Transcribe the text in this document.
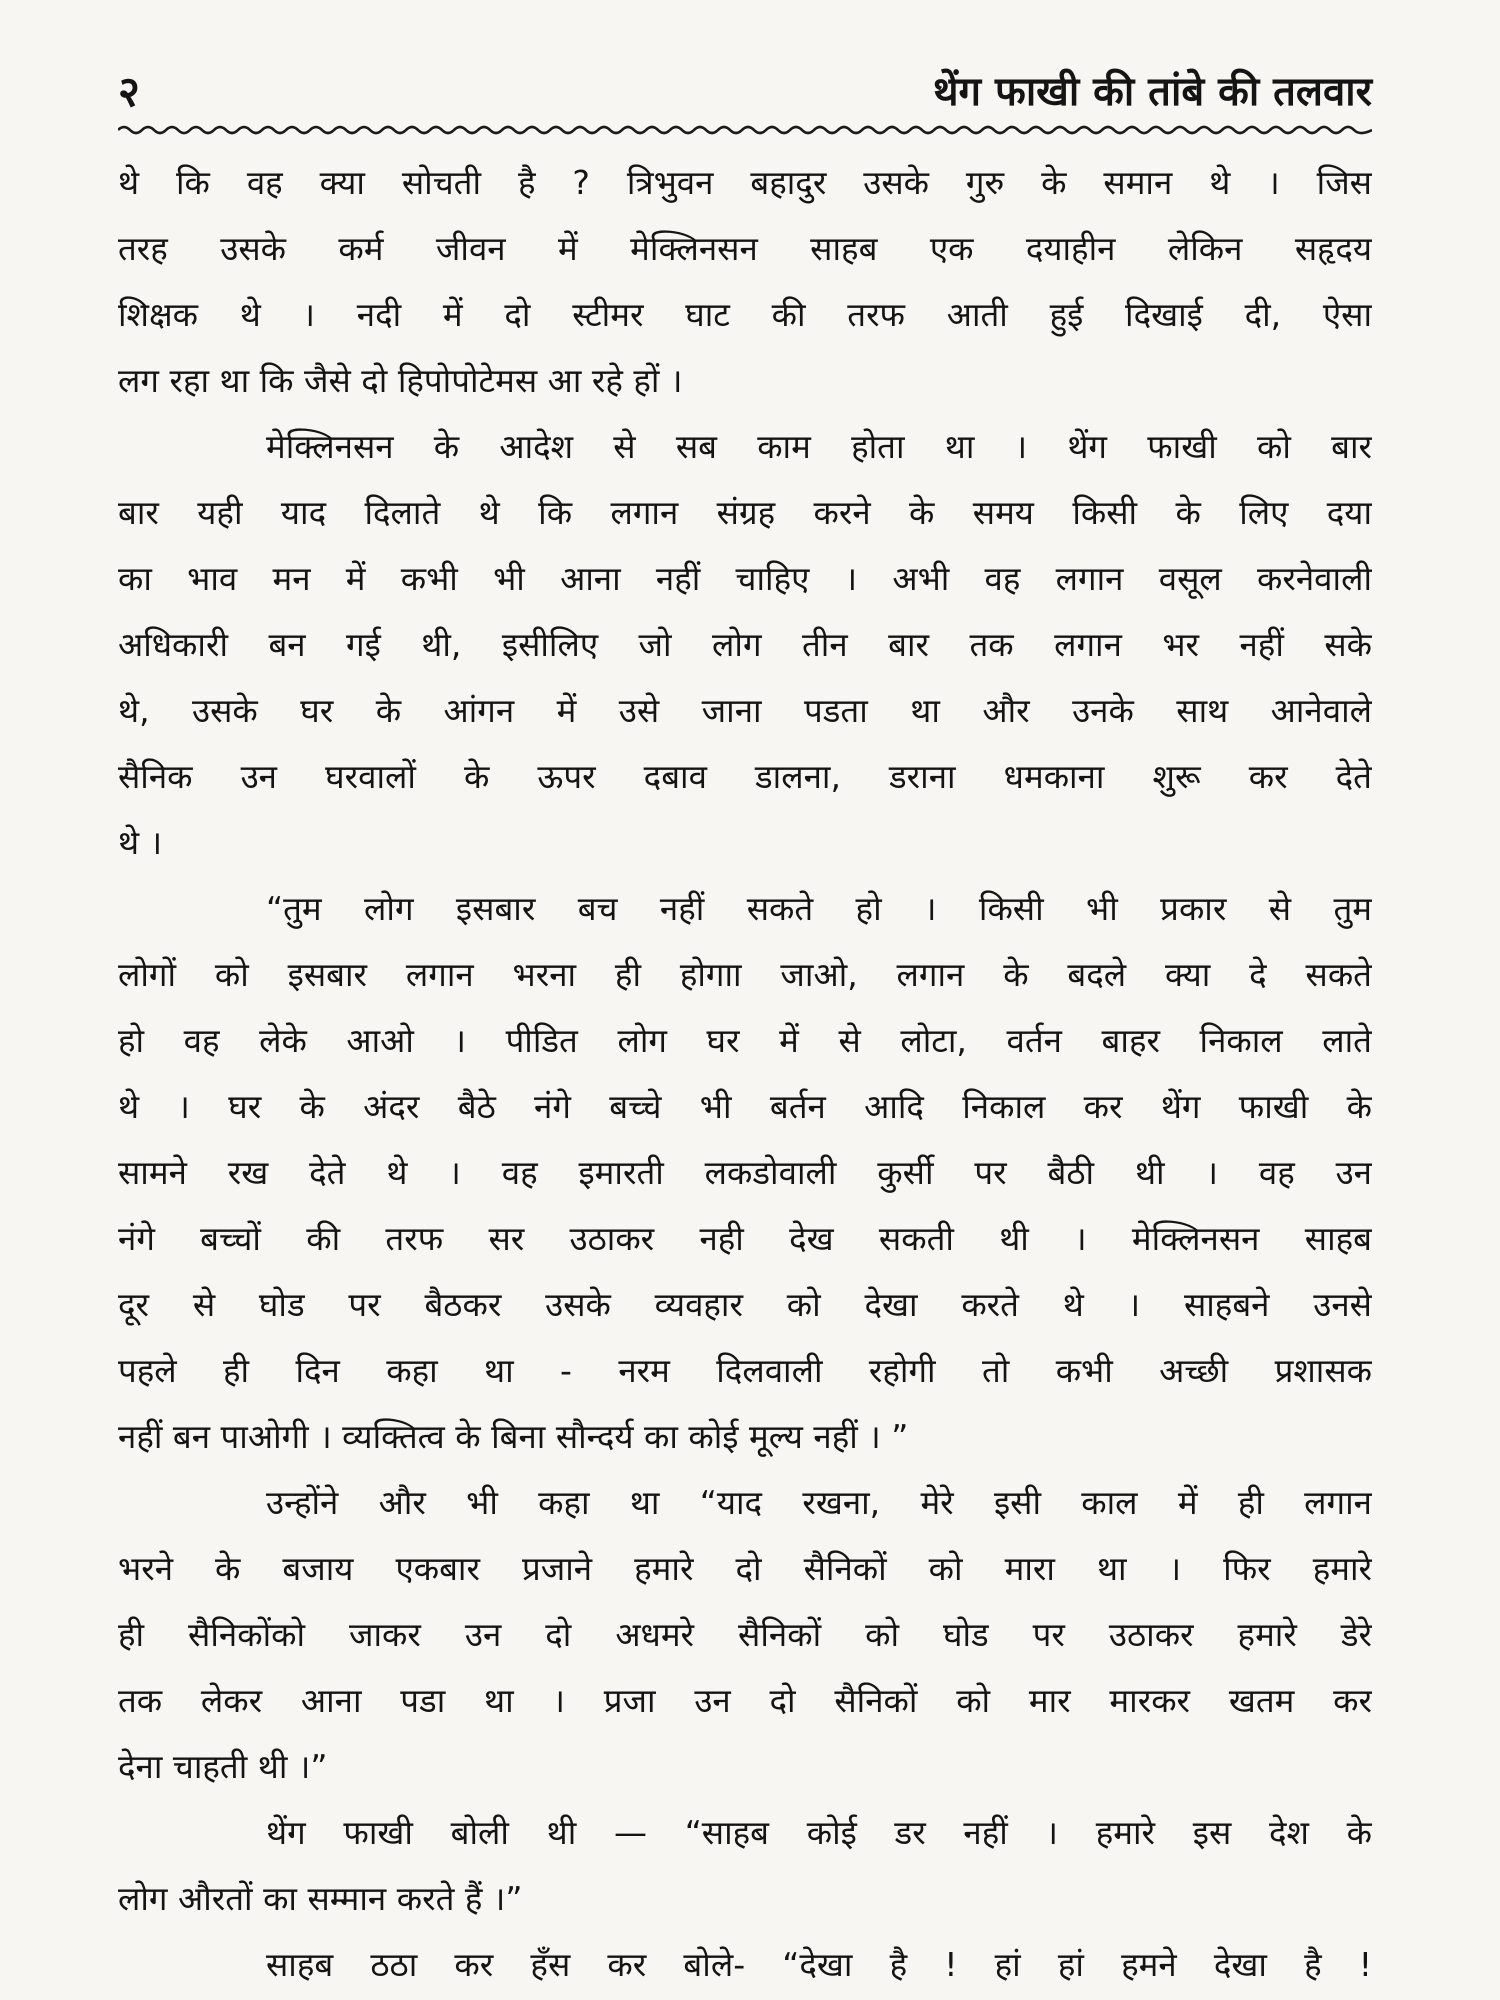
२	थेंग फाखी की तांबे की तलवार
थे कि वह क्या सोचती है ? त्रिभुवन बहादुर उसके गुरु के समान थे । जिस
तरह उसके कर्म जीवन में मेक्लिनसन साहब एक दयाहीन लेकिन सहृदय
शिक्षक थे । नदी में दो स्टीमर घाट की तरफ आती हुई दिखाई दी, ऐसा
लग रहा था कि जैसे दो हिपोपोटेमस आ रहे हों ।
मेक्लिनसन के आदेश से सब काम होता था । थेंग फाखी को बार
बार यही याद दिलाते थे कि लगान संग्रह करने के समय किसी के लिए दया
का भाव मन में कभी भी आना नहीं चाहिए । अभी वह लगान वसूल करनेवाली
अधिकारी बन गई थी, इसीलिए जो लोग तीन बार तक लगान भर नहीं सके
थे, उसके घर के आंगन में उसे जाना पडता था और उनके साथ आनेवाले
सैनिक उन घरवालों के ऊपर दबाव डालना, डराना धमकाना शुरू कर देते
थे ।
“तुम लोग इसबार बच नहीं सकते हो । किसी भी प्रकार से तुम
लोगों को इसबार लगान भरना ही होगाा जाओ, लगान के बदले क्या दे सकते
हो वह लेके आओ । पीडित लोग घर में से लोटा, वर्तन बाहर निकाल लाते
थे । घर के अंदर बैठे नंगे बच्चे भी बर्तन आदि निकाल कर थेंग फाखी के
सामने रख देते थे । वह इमारती लकडोवाली कुर्सी पर बैठी थी । वह उन
नंगे बच्चों की तरफ सर उठाकर नही देख सकती थी । मेक्लिनसन साहब
दूर से घोड पर बैठकर उसके व्यवहार को देखा करते थे । साहबने उनसे
पहले ही दिन कहा था - नरम दिलवाली रहोगी तो कभी अच्छी प्रशासक
नहीं बन पाओगी । व्यक्तित्व के बिना सौन्दर्य का कोई मूल्य नहीं । ”
उन्होंने और भी कहा था “याद रखना, मेरे इसी काल में ही लगान
भरने के बजाय एकबार प्रजाने हमारे दो सैनिकों को मारा था । फिर हमारे
ही सैनिकोंको जाकर उन दो अधमरे सैनिकों को घोड पर उठाकर हमारे डेरे
तक लेकर आना पडा था । प्रजा उन दो सैनिकों को मार मारकर खतम कर
देना चाहती थी ।”
थेंग फाखी बोली थी — “साहब कोई डर नहीं । हमारे इस देश के
लोग औरतों का सम्मान करते हैं ।”
साहब ठठा कर हँस कर बोले- “देखा है ! हां हां हमने देखा है !
